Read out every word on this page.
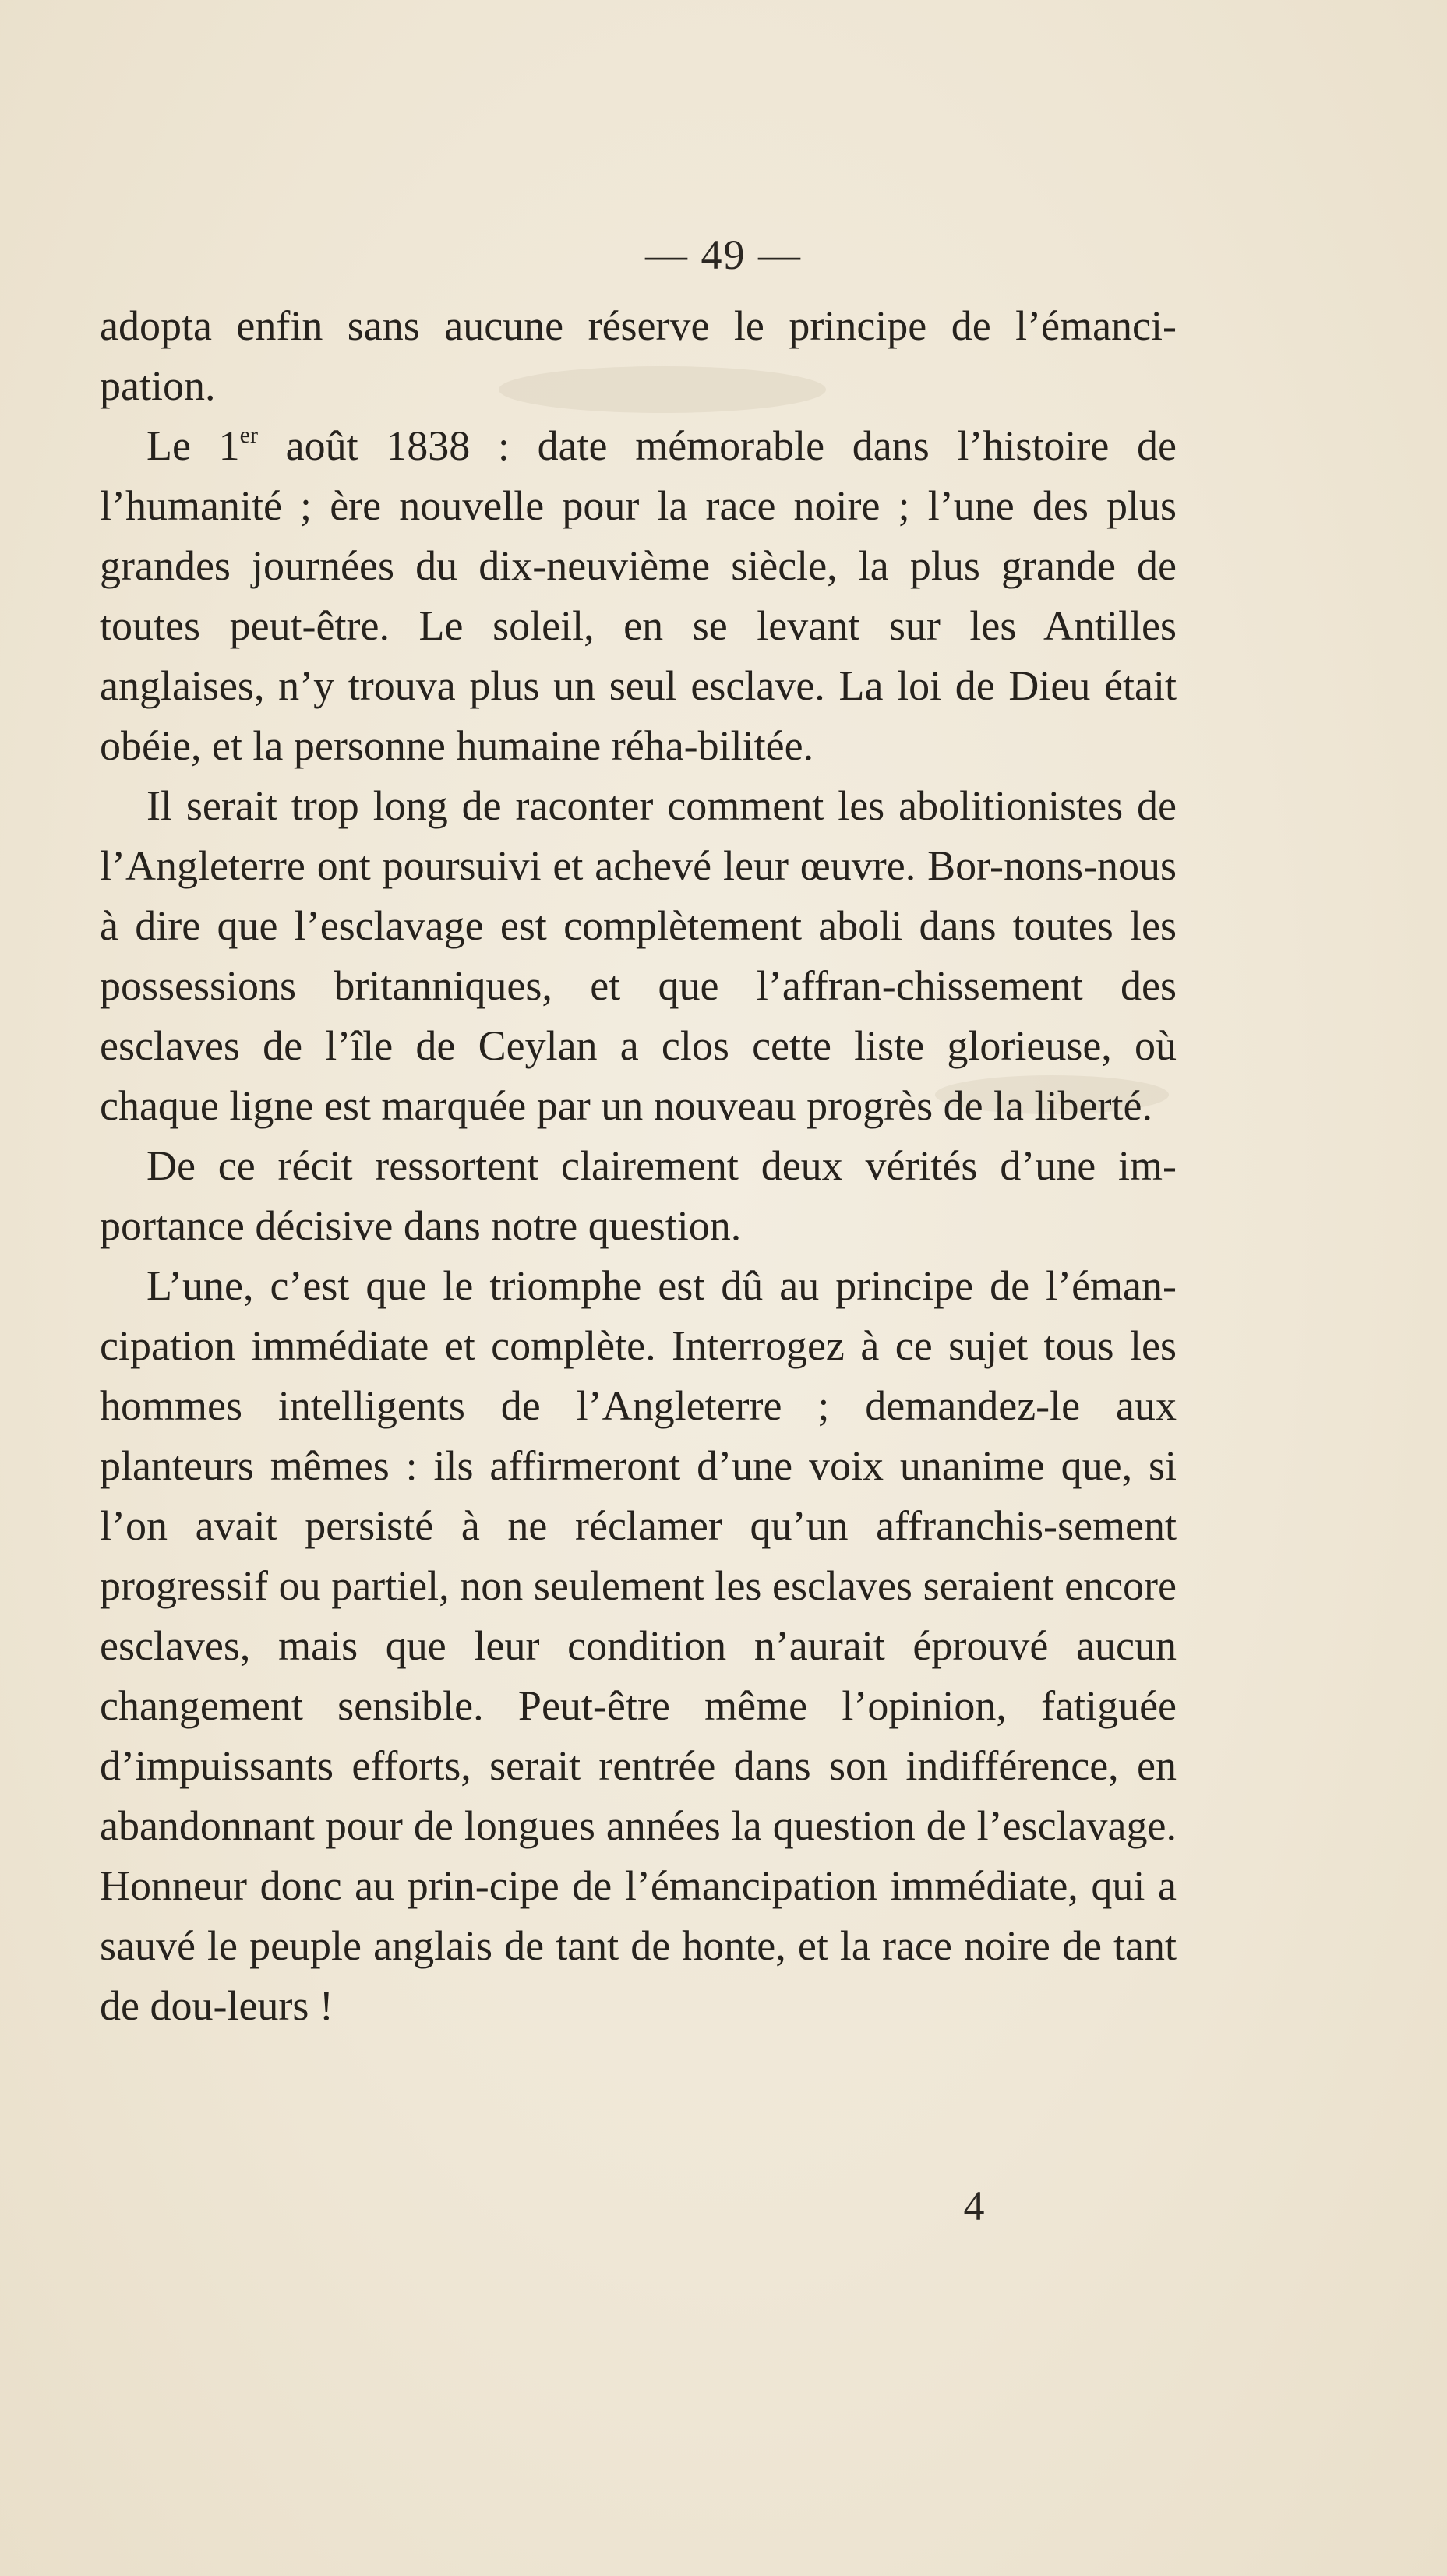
— 49 —

adopta enfin sans aucune réserve le principe de l’émanci-pation.

Le 1er août 1838 : date mémorable dans l’histoire de l’humanité ; ère nouvelle pour la race noire ; l’une des plus grandes journées du dix-neuvième siècle, la plus grande de toutes peut-être. Le soleil, en se levant sur les Antilles anglaises, n’y trouva plus un seul esclave. La loi de Dieu était obéie, et la personne humaine réha-bilitée.

Il serait trop long de raconter comment les abolitionistes de l’Angleterre ont poursuivi et achevé leur œuvre. Bor-nons-nous à dire que l’esclavage est complètement aboli dans toutes les possessions britanniques, et que l’affran-chissement des esclaves de l’île de Ceylan a clos cette liste glorieuse, où chaque ligne est marquée par un nouveau progrès de la liberté.

De ce récit ressortent clairement deux vérités d’une im-portance décisive dans notre question.

L’une, c’est que le triomphe est dû au principe de l’éman-cipation immédiate et complète. Interrogez à ce sujet tous les hommes intelligents de l’Angleterre ; demandez-le aux planteurs mêmes : ils affirmeront d’une voix unanime que, si l’on avait persisté à ne réclamer qu’un affranchis-sement progressif ou partiel, non seulement les esclaves seraient encore esclaves, mais que leur condition n’aurait éprouvé aucun changement sensible. Peut-être même l’opinion, fatiguée d’impuissants efforts, serait rentrée dans son indifférence, en abandonnant pour de longues années la question de l’esclavage. Honneur donc au prin-cipe de l’émancipation immédiate, qui a sauvé le peuple anglais de tant de honte, et la race noire de tant de dou-leurs !

4
